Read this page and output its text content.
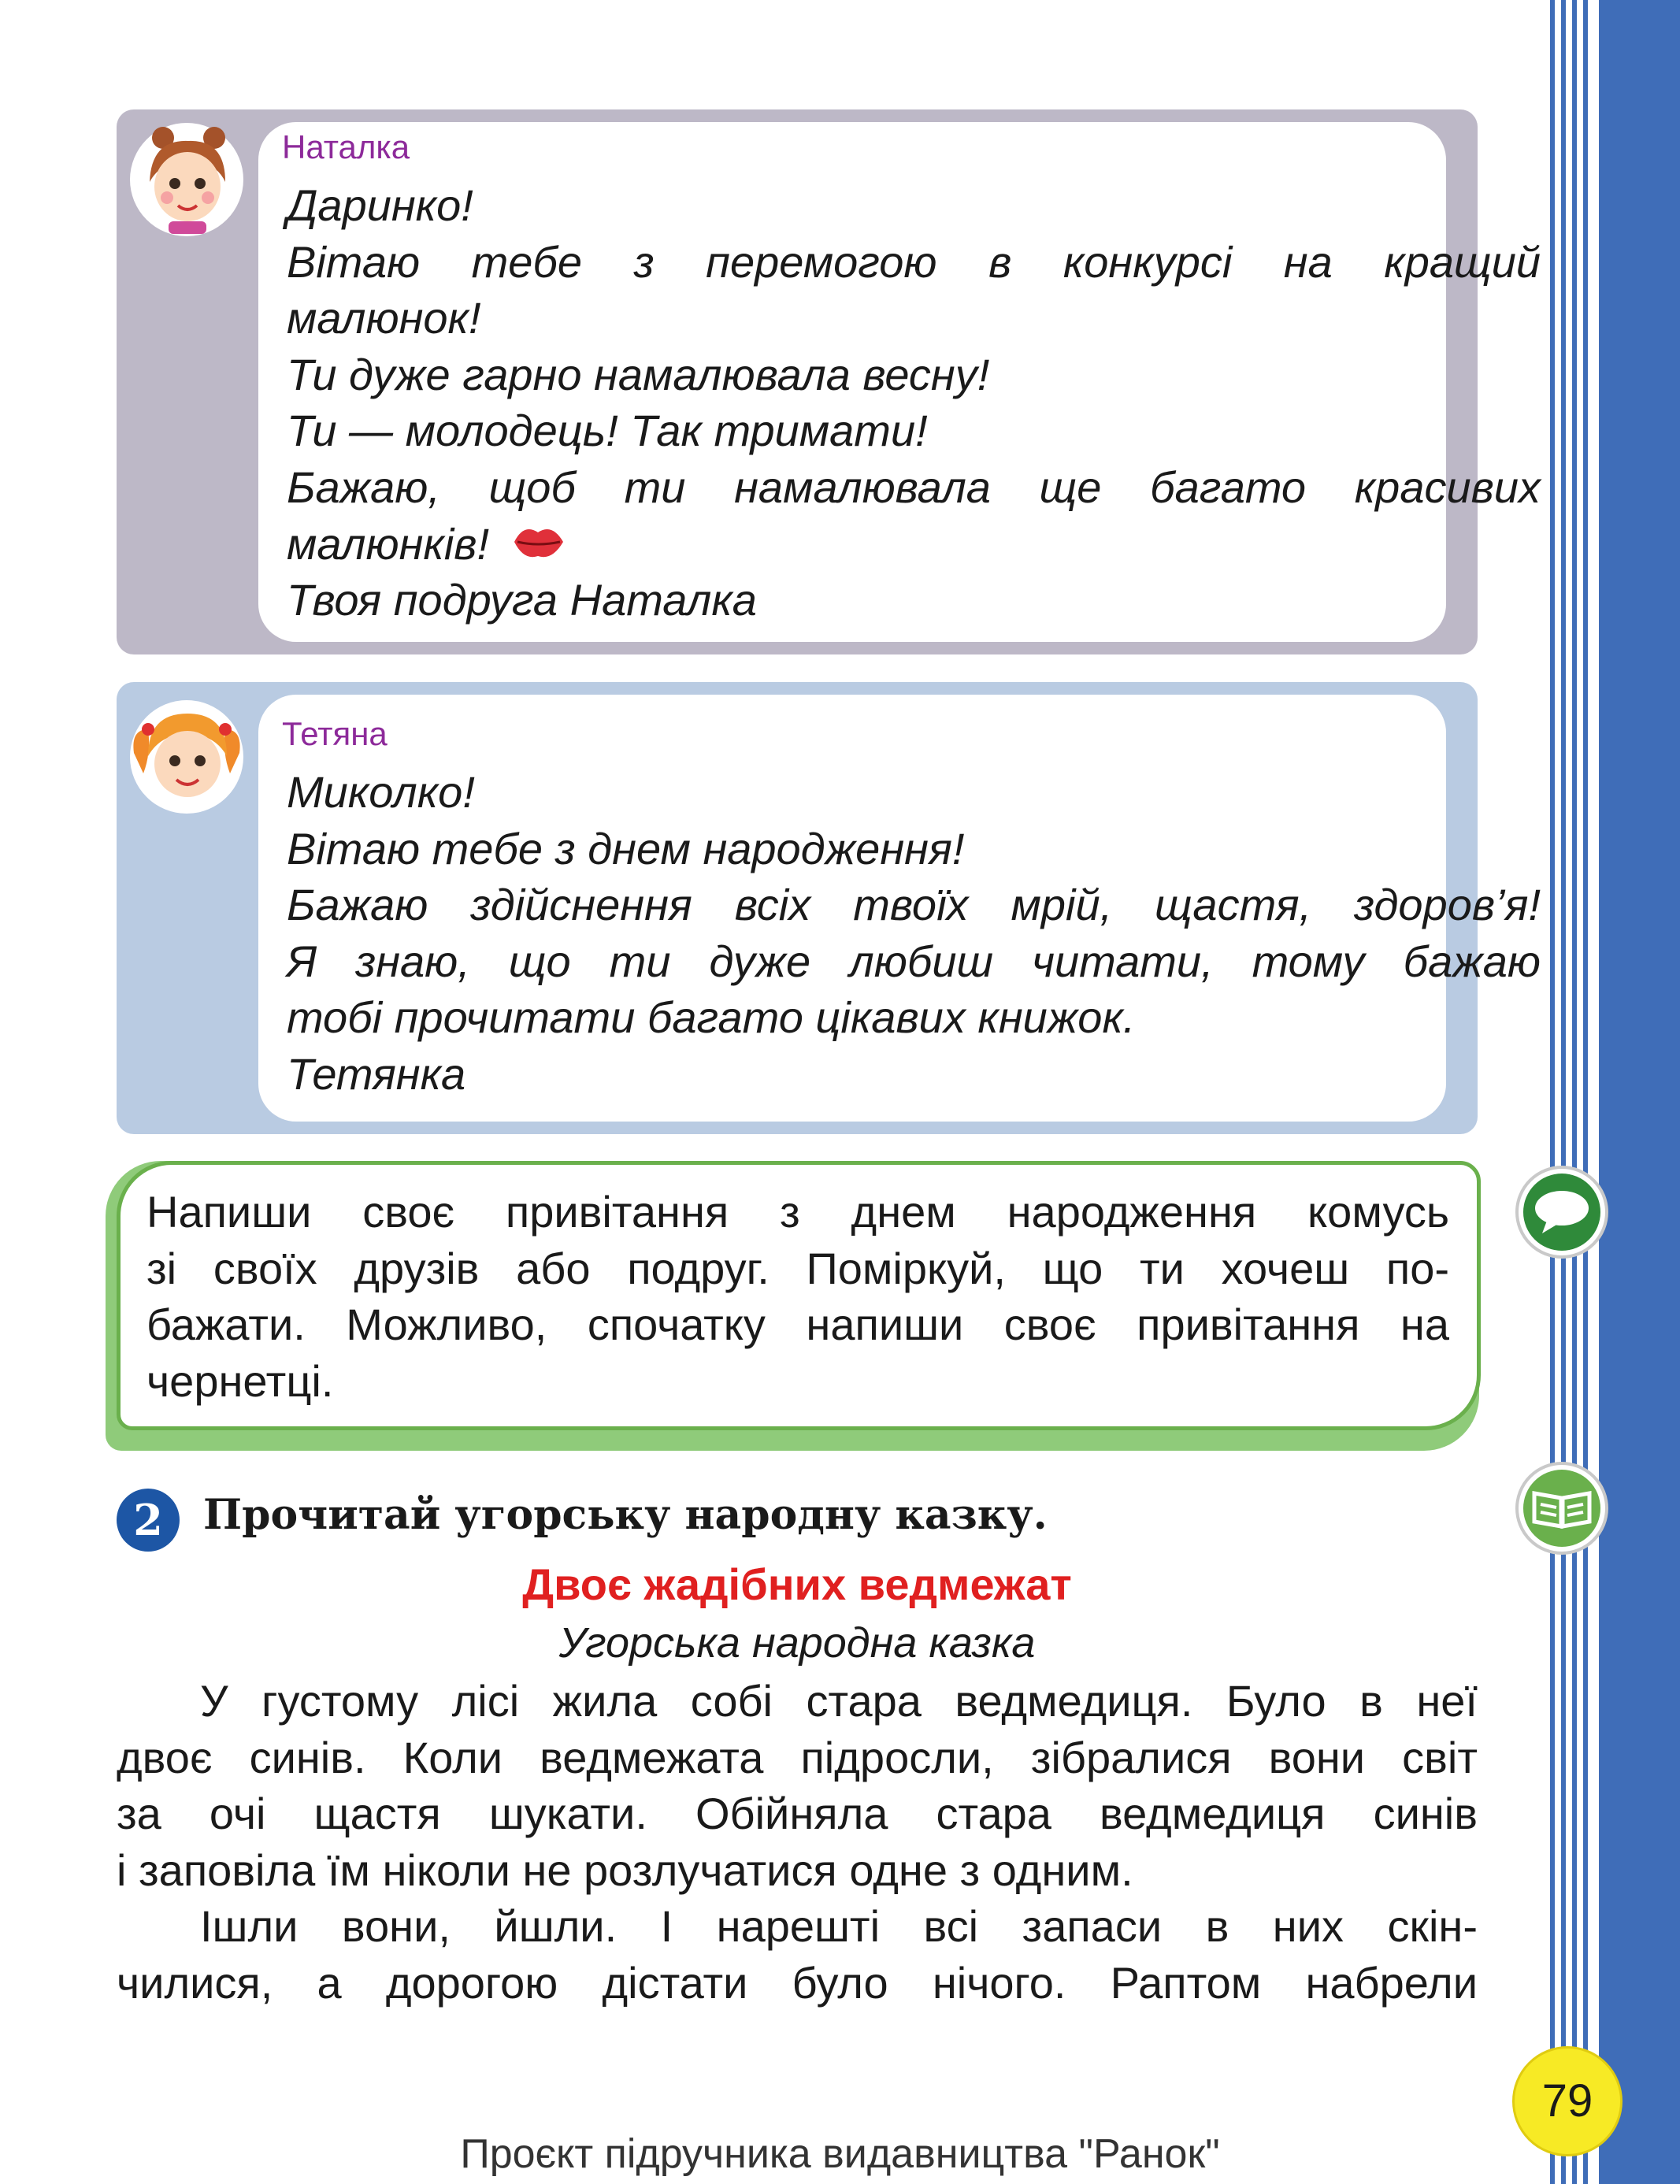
Наталка
Даринко!
Вітаю тебе з перемогою в конкурсі на кращий
малюнок!
Ти дуже гарно намалювала весну!
Ти — молодець! Так тримати!
Бажаю, щоб ти намалювала ще багато красивих
малюнків!
Твоя подруга Наталка
Тетяна
Миколко!
Вітаю тебе з днем народження!
Бажаю здійснення всіх твоїх мрій, щастя, здоров’я!
Я знаю, що ти дуже любиш читати, тому бажаю
тобі прочитати багато цікавих книжок.
Тетянка
Напиши своє привітання з днем народження комусь
зі своїх друзів або подруг. Поміркуй, що ти хочеш по-
бажати. Можливо, спочатку напиши своє привітання на
чернетці.
2 Прочитай угорську народну казку.
Двоє жадібних ведмежат
Угорська народна казка
У густому лісі жила собі стара ведмедиця. Було в неї
двоє синів. Коли ведмежата підросли, зібралися вони світ
за очі щастя шукати. Обійняла стара ведмедиця синів
і заповіла їм ніколи не розлучатися одне з одним.
Ішли вони, йшли. І нарешті всі запаси в них скін-
чилися, а дорогою дістати було нічого. Раптом набрели
79
Проєкт підручника видавництва "Ранок"
